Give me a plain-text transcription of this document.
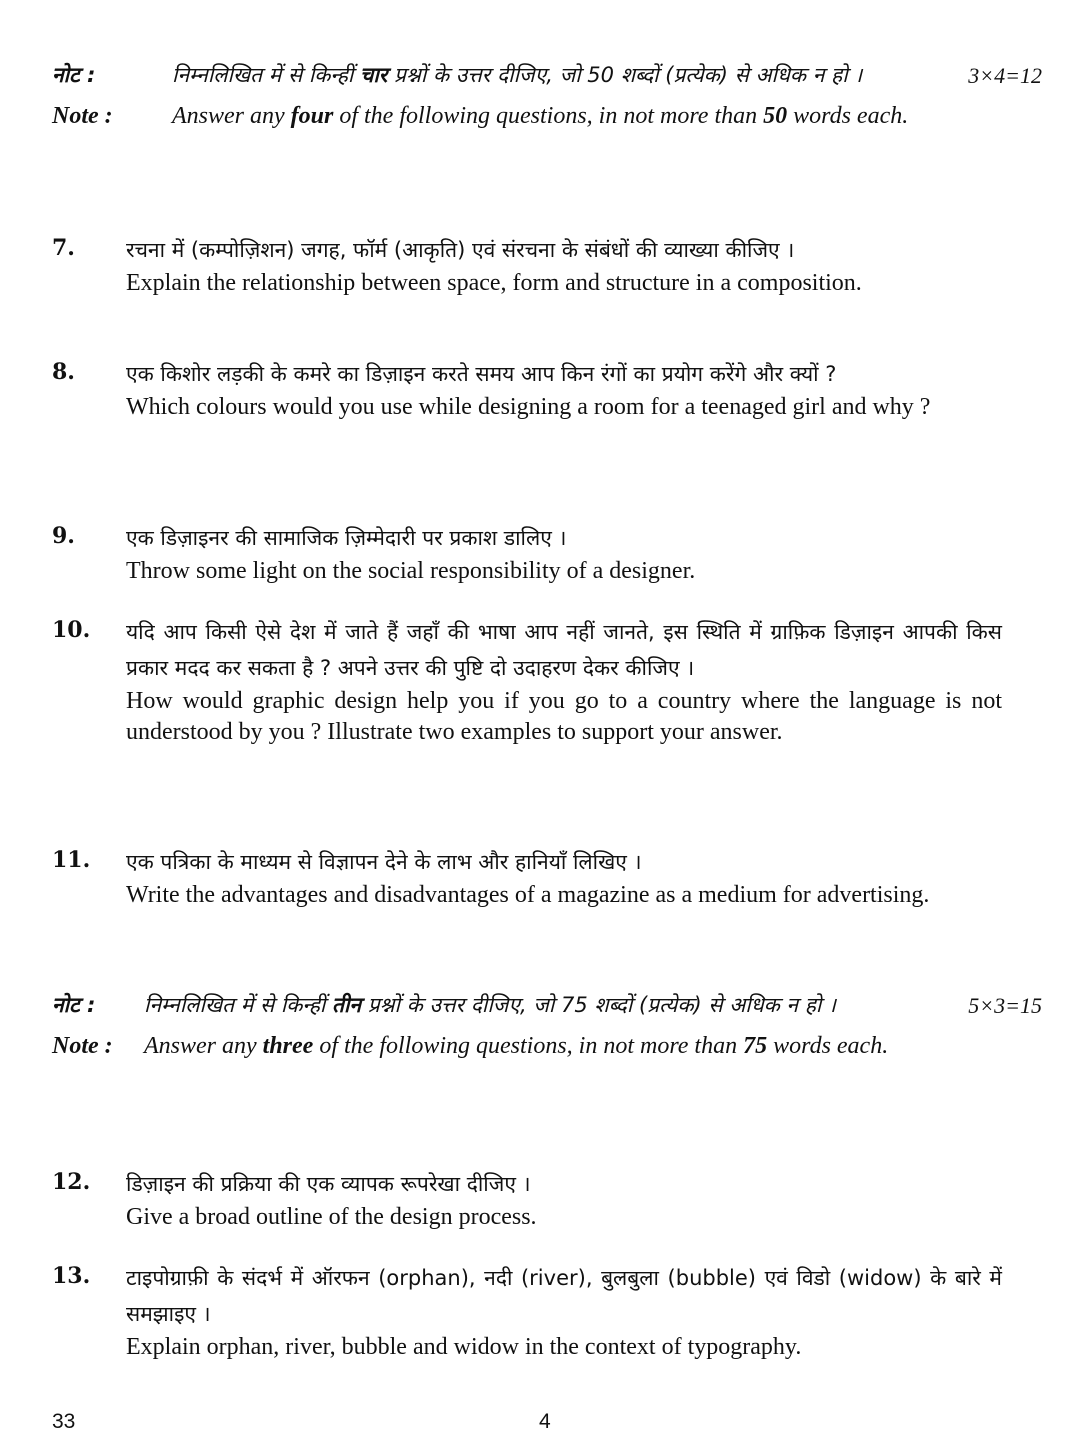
नोट :	निम्नलिखित में से किन्हीं चार प्रश्नों के उत्तर दीजिए, जो 50 शब्दों (प्रत्येक) से अधिक न हो ।	3×4=12
Note :	Answer any four of the following questions, in not more than 50 words each.
7.	रचना में (कम्पोज़िशन) जगह, फॉर्म (आकृति) एवं संरचना के संबंधों की व्याख्या कीजिए ।
Explain the relationship between space, form and structure in a composition.
8.	एक किशोर लड़की के कमरे का डिज़ाइन करते समय आप किन रंगों का प्रयोग करेंगे और क्यों ?
Which colours would you use while designing a room for a teenaged girl and why ?
9.	एक डिज़ाइनर की सामाजिक ज़िम्मेदारी पर प्रकाश डालिए ।
Throw some light on the social responsibility of a designer.
10.	यदि आप किसी ऐसे देश में जाते हैं जहाँ की भाषा आप नहीं जानते, इस स्थिति में ग्राफ़िक डिज़ाइन आपकी किस प्रकार मदद कर सकता है ? अपने उत्तर की पुष्टि दो उदाहरण देकर कीजिए ।
How would graphic design help you if you go to a country where the language is not understood by you ? Illustrate two examples to support your answer.
11.	एक पत्रिका के माध्यम से विज्ञापन देने के लाभ और हानियाँ लिखिए ।
Write the advantages and disadvantages of a magazine as a medium for advertising.
नोट :	निम्नलिखित में से किन्हीं तीन प्रश्नों के उत्तर दीजिए, जो 75 शब्दों (प्रत्येक) से अधिक न हो ।	5×3=15
Note :	Answer any three of the following questions, in not more than 75 words each.
12.	डिज़ाइन की प्रक्रिया की एक व्यापक रूपरेखा दीजिए ।
Give a broad outline of the design process.
13.	टाइपोग्राफ़ी के संदर्भ में ऑरफन (orphan), नदी (river), बुलबुला (bubble) एवं विडो (widow) के बारे में समझाइए ।
Explain orphan, river, bubble and widow in the context of typography.
33	4
